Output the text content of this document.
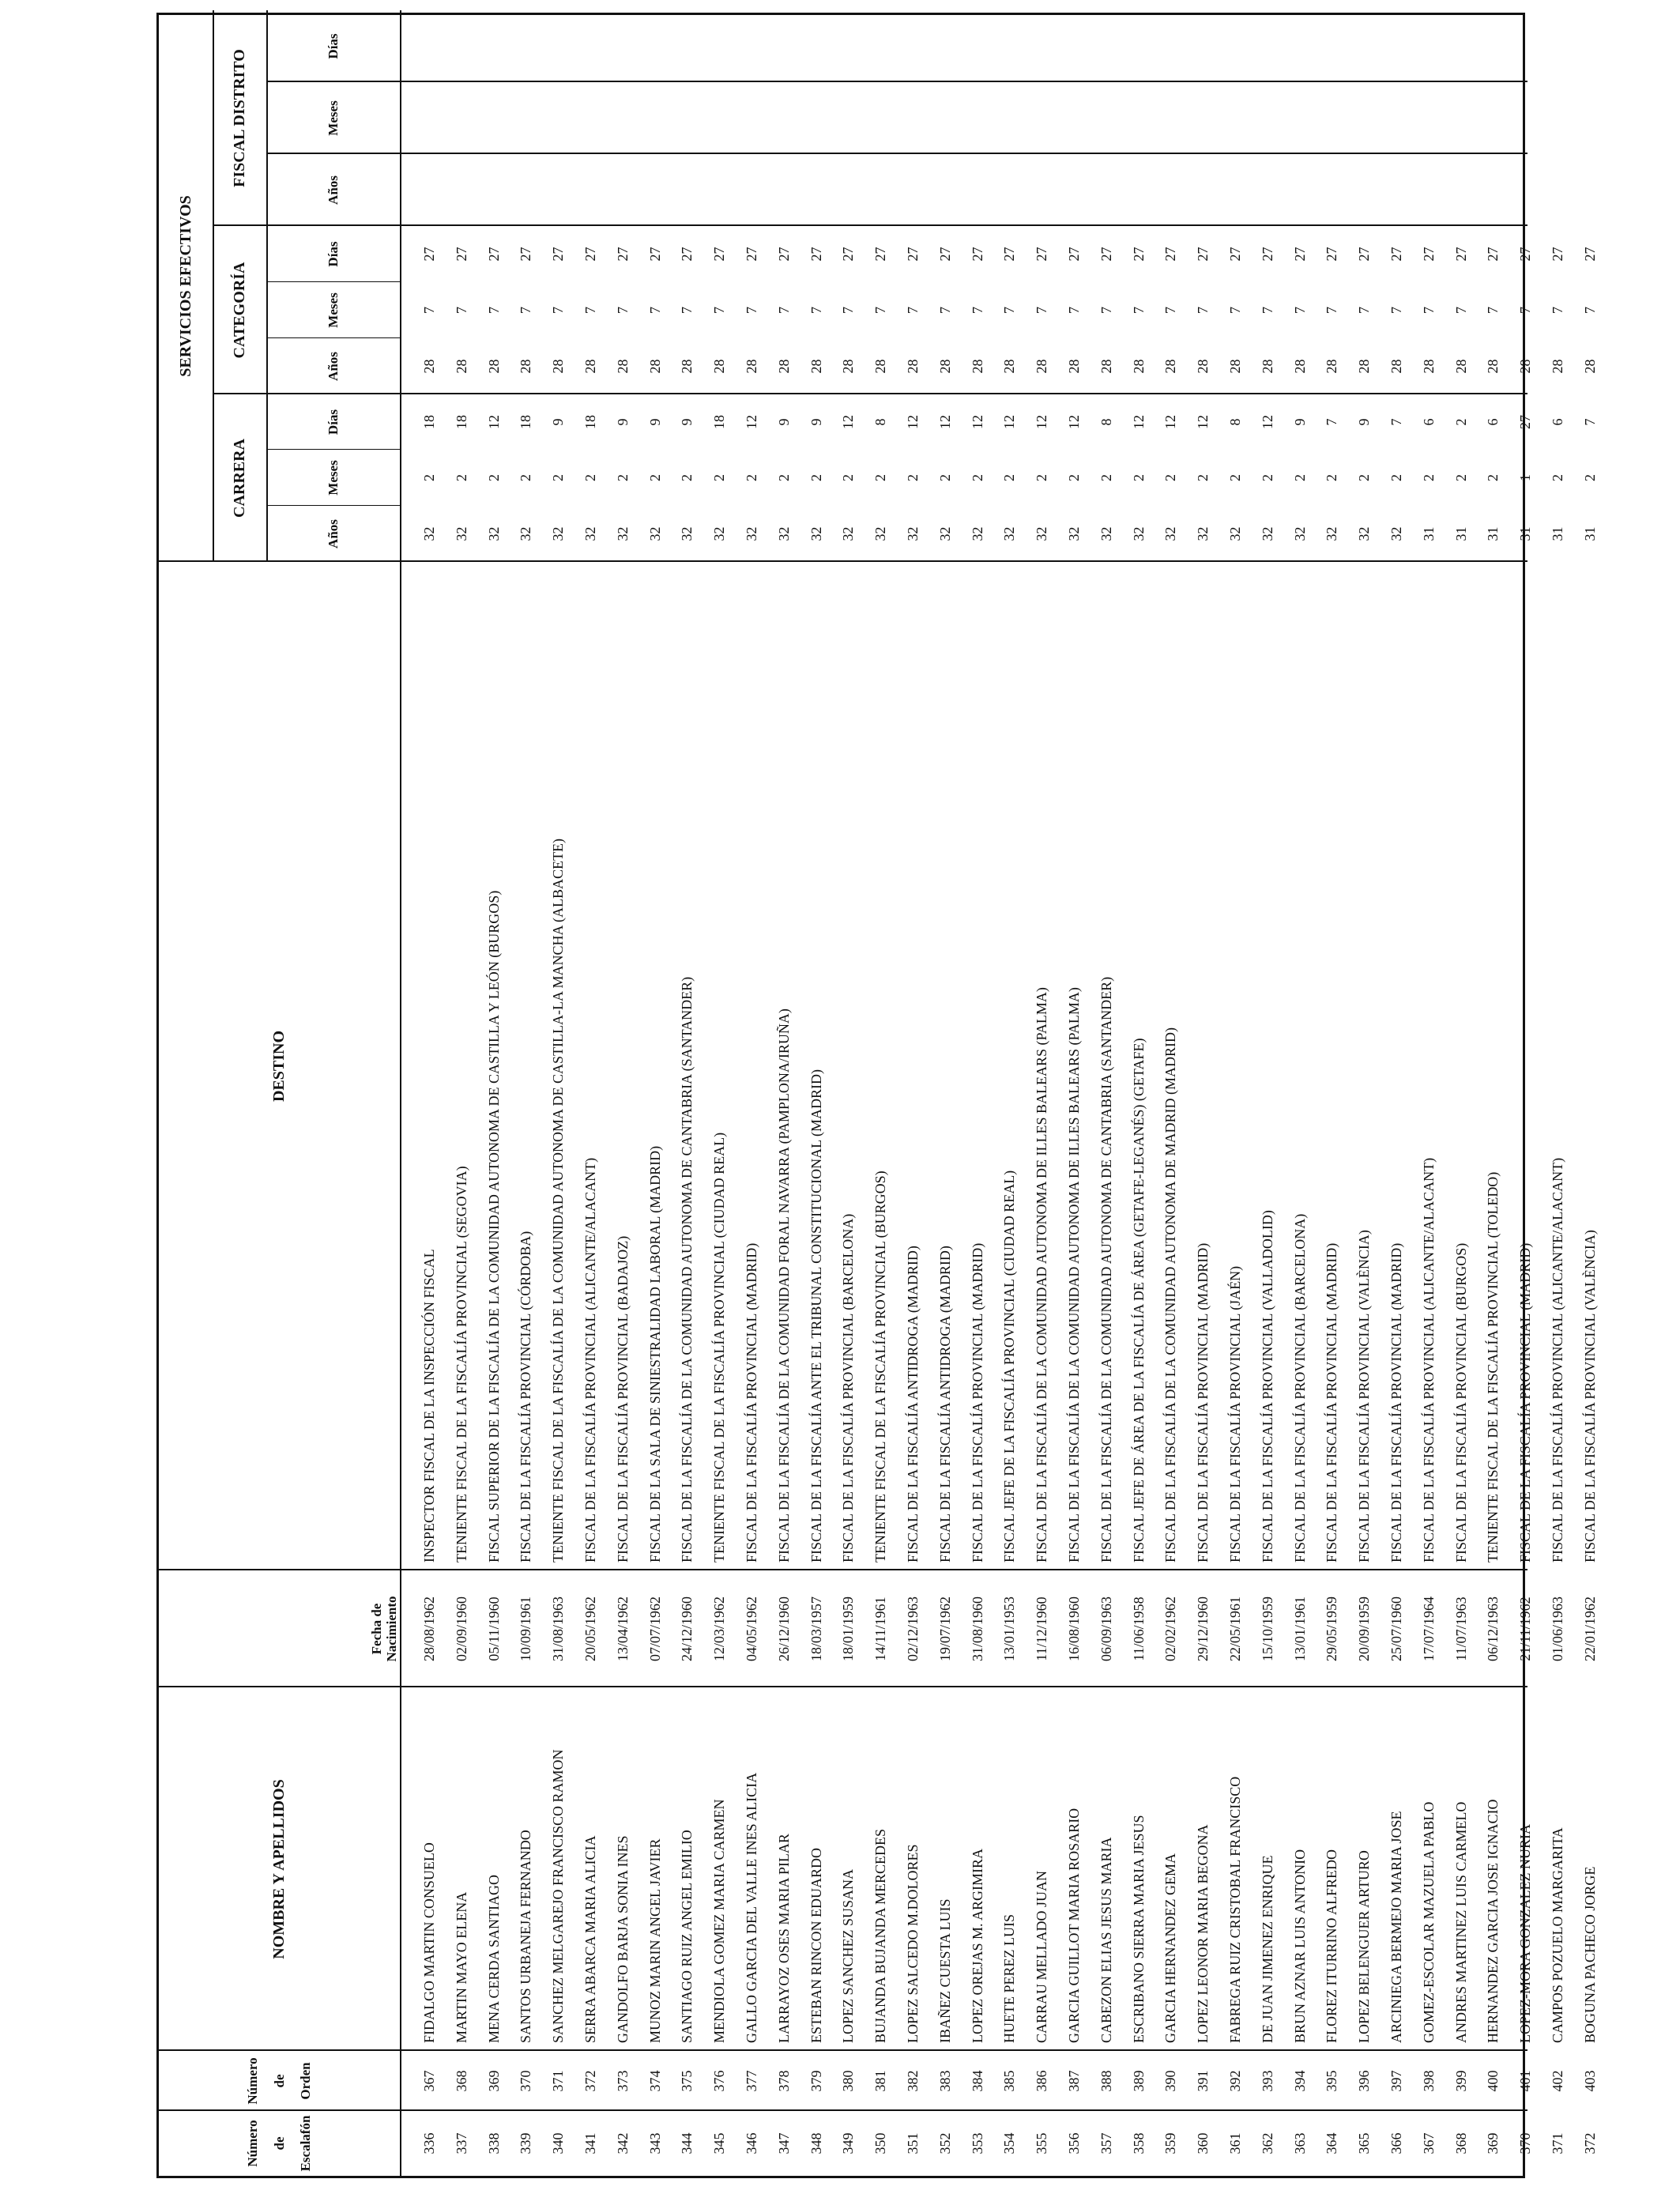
Número de Escalafón
Número de Orden
NOMBRE Y APELLIDOS
Fecha de Nacimiento
DESTINO
SERVICIOS EFECTIVOS
CARRERA
CATEGORÍA
FISCAL DISTRITO
Años
Meses
Días
Años
Meses
Días
Años
Meses
Días
336
367
FIDALGO MARTIN CONSUELO
28/08/1962
INSPECTOR FISCAL DE LA INSPECCIÓN FISCAL
32
2
18
28
7
27
337
368
MARTIN MAYO ELENA
02/09/1960
TENIENTE FISCAL DE LA FISCALÍA PROVINCIAL (SEGOVIA)
32
2
18
28
7
27
338
369
MENA CERDA SANTIAGO
05/11/1960
FISCAL SUPERIOR DE LA FISCALÍA DE LA COMUNIDAD AUTONOMA DE CASTILLA Y LEÓN (BURGOS)
32
2
12
28
7
27
339
370
SANTOS URBANEJA FERNANDO
10/09/1961
FISCAL DE LA FISCALÍA PROVINCIAL (CÓRDOBA)
32
2
18
28
7
27
340
371
SANCHEZ MELGAREJO FRANCISCO RAMON
31/08/1963
TENIENTE FISCAL DE LA FISCALÍA DE LA COMUNIDAD AUTONOMA DE CASTILLA-LA MANCHA (ALBACETE)
32
2
9
28
7
27
341
372
SERRA ABARCA MARIA ALICIA
20/05/1962
FISCAL DE LA FISCALÍA PROVINCIAL (ALICANTE/ALACANT)
32
2
18
28
7
27
342
373
GANDOLFO BARJA SONIA INES
13/04/1962
FISCAL DE LA FISCALÍA PROVINCIAL (BADAJOZ)
32
2
9
28
7
27
343
374
MUNOZ MARIN ANGEL JAVIER
07/07/1962
FISCAL DE LA SALA DE SINIESTRALIDAD LABORAL (MADRID)
32
2
9
28
7
27
344
375
SANTIAGO RUIZ ANGEL EMILIO
24/12/1960
FISCAL DE LA FISCALÍA DE LA COMUNIDAD AUTONOMA DE CANTABRIA (SANTANDER)
32
2
9
28
7
27
345
376
MENDIOLA GOMEZ MARIA CARMEN
12/03/1962
TENIENTE FISCAL DE LA FISCALÍA PROVINCIAL (CIUDAD REAL)
32
2
18
28
7
27
346
377
GALLO GARCIA DEL VALLE INES ALICIA
04/05/1962
FISCAL DE LA FISCALÍA PROVINCIAL (MADRID)
32
2
12
28
7
27
347
378
LARRAYOZ OSES MARIA PILAR
26/12/1960
FISCAL DE LA FISCALÍA DE LA COMUNIDAD FORAL NAVARRA (PAMPLONA/IRUÑA)
32
2
9
28
7
27
348
379
ESTEBAN RINCON EDUARDO
18/03/1957
FISCAL DE LA FISCALÍA ANTE EL TRIBUNAL CONSTITUCIONAL (MADRID)
32
2
9
28
7
27
349
380
LOPEZ SANCHEZ SUSANA
18/01/1959
FISCAL DE LA FISCALÍA PROVINCIAL (BARCELONA)
32
2
12
28
7
27
350
381
BUJANDA BUJANDA MERCEDES
14/11/1961
TENIENTE FISCAL DE LA FISCALÍA PROVINCIAL (BURGOS)
32
2
8
28
7
27
351
382
LOPEZ SALCEDO M.DOLORES
02/12/1963
FISCAL DE LA FISCALÍA ANTIDROGA (MADRID)
32
2
12
28
7
27
352
383
IBAÑEZ CUESTA LUIS
19/07/1962
FISCAL DE LA FISCALÍA ANTIDROGA (MADRID)
32
2
12
28
7
27
353
384
LOPEZ OREJAS M. ARGIMIRA
31/08/1960
FISCAL DE LA FISCALÍA PROVINCIAL (MADRID)
32
2
12
28
7
27
354
385
HUETE PEREZ LUIS
13/01/1953
FISCAL JEFE DE LA FISCALÍA PROVINCIAL (CIUDAD REAL)
32
2
12
28
7
27
355
386
CARRAU MELLADO JUAN
11/12/1960
FISCAL DE LA FISCALÍA DE LA COMUNIDAD AUTONOMA DE ILLES BALEARS (PALMA)
32
2
12
28
7
27
356
387
GARCIA GUILLOT MARIA ROSARIO
16/08/1960
FISCAL DE LA FISCALÍA DE LA COMUNIDAD AUTONOMA DE ILLES BALEARS (PALMA)
32
2
12
28
7
27
357
388
CABEZON ELIAS JESUS MARIA
06/09/1963
FISCAL DE LA FISCALÍA DE LA COMUNIDAD AUTONOMA DE CANTABRIA (SANTANDER)
32
2
8
28
7
27
358
389
ESCRIBANO SIERRA MARIA JESUS
11/06/1958
FISCAL JEFE DE ÁREA DE LA FISCALÍA DE ÁREA (GETAFE-LEGANÉS) (GETAFE)
32
2
12
28
7
27
359
390
GARCIA HERNANDEZ GEMA
02/02/1962
FISCAL DE LA FISCALÍA DE LA COMUNIDAD AUTONOMA DE MADRID (MADRID)
32
2
12
28
7
27
360
391
LOPEZ LEONOR MARIA BEGONA
29/12/1960
FISCAL DE LA FISCALÍA PROVINCIAL (MADRID)
32
2
12
28
7
27
361
392
FABREGA RUIZ CRISTOBAL FRANCISCO
22/05/1961
FISCAL DE LA FISCALÍA PROVINCIAL (JAÉN)
32
2
8
28
7
27
362
393
DE JUAN JIMENEZ ENRIQUE
15/10/1959
FISCAL DE LA FISCALÍA PROVINCIAL (VALLADOLID)
32
2
12
28
7
27
363
394
BRUN AZNAR LUIS ANTONIO
13/01/1961
FISCAL DE LA FISCALÍA PROVINCIAL (BARCELONA)
32
2
9
28
7
27
364
395
FLOREZ ITURRINO ALFREDO
29/05/1959
FISCAL DE LA FISCALÍA PROVINCIAL (MADRID)
32
2
7
28
7
27
365
396
LOPEZ BELENGUER ARTURO
20/09/1959
FISCAL DE LA FISCALÍA PROVINCIAL (VALÈNCIA)
32
2
9
28
7
27
366
397
ARCINIEGA BERMEJO MARIA JOSE
25/07/1960
FISCAL DE LA FISCALÍA PROVINCIAL (MADRID)
32
2
7
28
7
27
367
398
GOMEZ-ESCOLAR MAZUELA PABLO
17/07/1964
FISCAL DE LA FISCALÍA PROVINCIAL (ALICANTE/ALACANT)
31
2
6
28
7
27
368
399
ANDRES MARTINEZ LUIS CARMELO
11/07/1963
FISCAL DE LA FISCALÍA PROVINCIAL (BURGOS)
31
2
2
28
7
27
369
400
HERNANDEZ GARCIA JOSE IGNACIO
06/12/1963
TENIENTE FISCAL DE LA FISCALÍA PROVINCIAL (TOLEDO)
31
2
6
28
7
27
370
401
LOPEZ-MORA GONZALEZ NURIA
21/11/1962
FISCAL DE LA FISCALÍA PROVINCIAL (MADRID)
31
1
27
28
7
27
371
402
CAMPOS POZUELO MARGARITA
01/06/1963
FISCAL DE LA FISCALÍA PROVINCIAL (ALICANTE/ALACANT)
31
2
6
28
7
27
372
403
BOGUNA PACHECO JORGE
22/01/1962
FISCAL DE LA FISCALÍA PROVINCIAL (VALÈNCIA)
31
2
7
28
7
27
